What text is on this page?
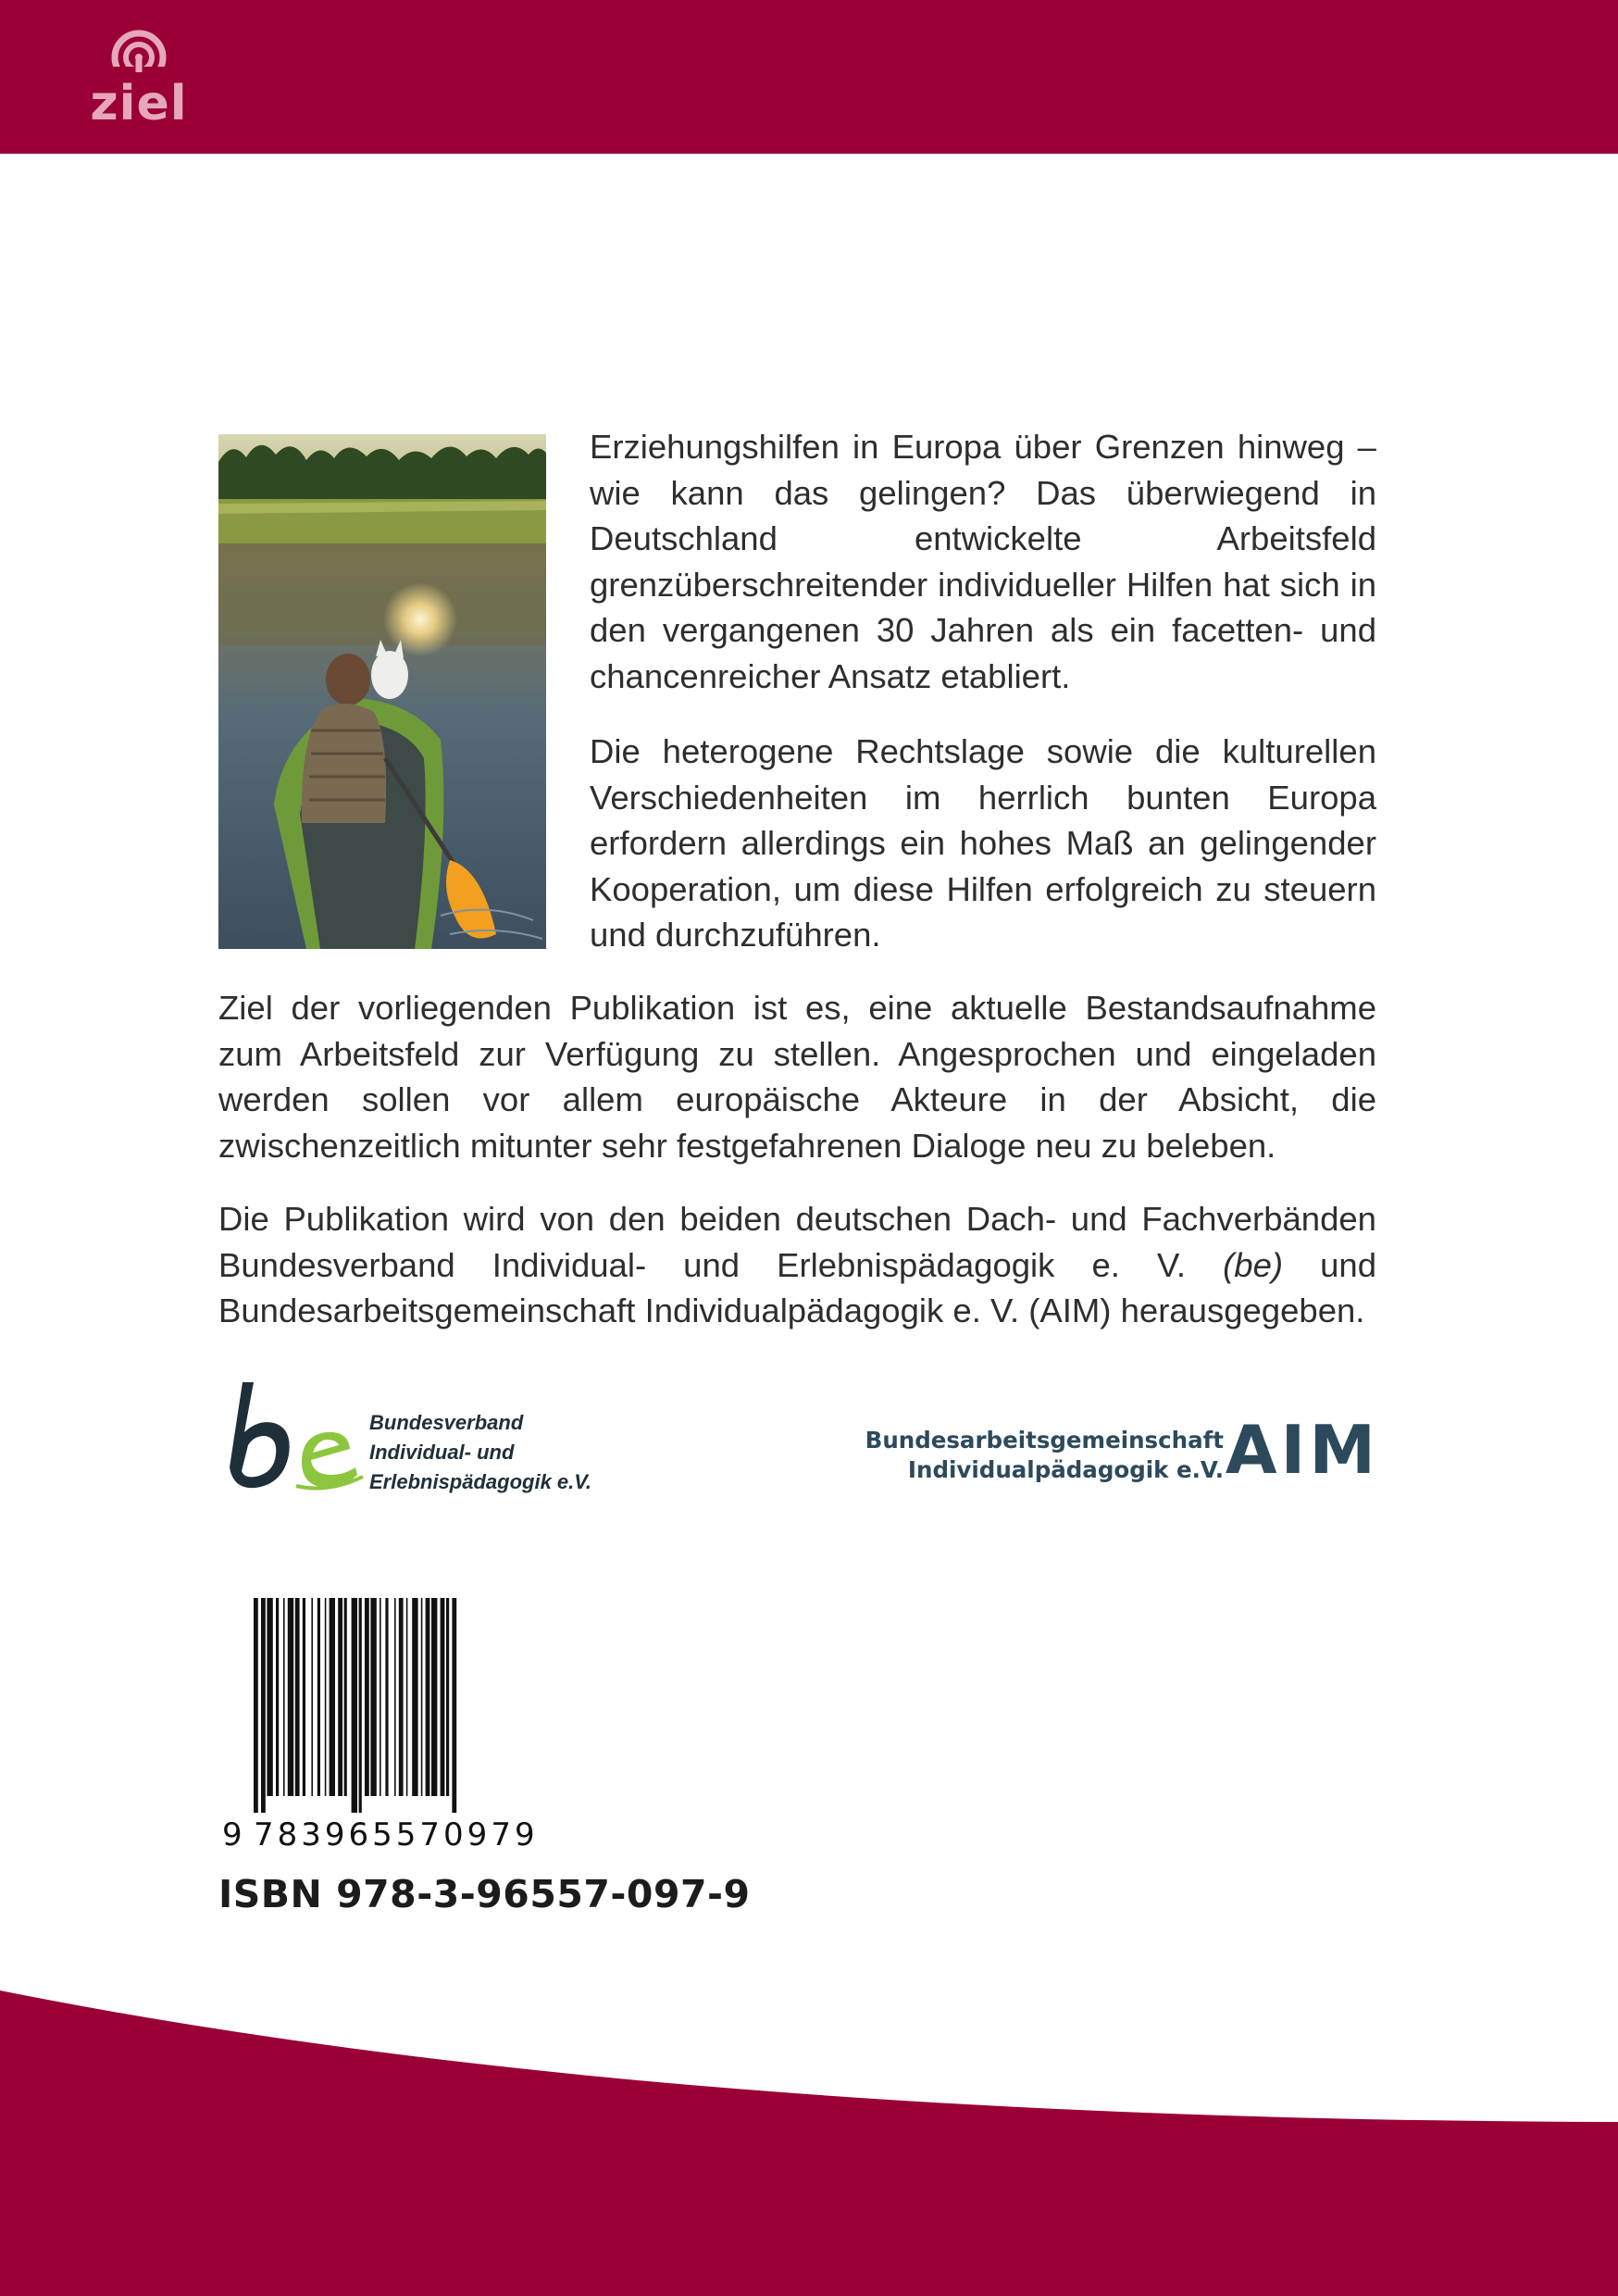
ziel

Erziehungshilfen in Europa über Grenzen hinweg – wie kann das gelingen? Das überwiegend in Deutschland entwickelte Arbeitsfeld grenzüberschreitender individueller Hilfen hat sich in den vergangenen 30 Jahren als ein facetten- und chancenreicher Ansatz etabliert.

Die heterogene Rechtslage sowie die kulturellen Verschiedenheiten im herrlich bunten Europa erfordern allerdings ein hohes Maß an gelingender Kooperation, um diese Hilfen erfolgreich zu steuern und durchzuführen.

Ziel der vorliegenden Publikation ist es, eine aktuelle Bestandsaufnahme zum Arbeitsfeld zur Verfügung zu stellen. Angesprochen und eingeladen werden sollen vor allem europäische Akteure in der Absicht, die zwischenzeitlich mitunter sehr festgefahrenen Dialoge neu zu beleben.

Die Publikation wird von den beiden deutschen Dach- und Fachverbänden Bundesverband Individual- und Erlebnispädagogik e. V. (be) und Bundesarbeitsgemeinschaft Individualpädagogik e. V. (AIM) herausgegeben.

Bundesverband
Individual- und
Erlebnispädagogik e.V.
Bundesarbeitsgemeinschaft
Individualpädagogik e.V. AIM
9 783965570979
ISBN 978-3-96557-097-9
